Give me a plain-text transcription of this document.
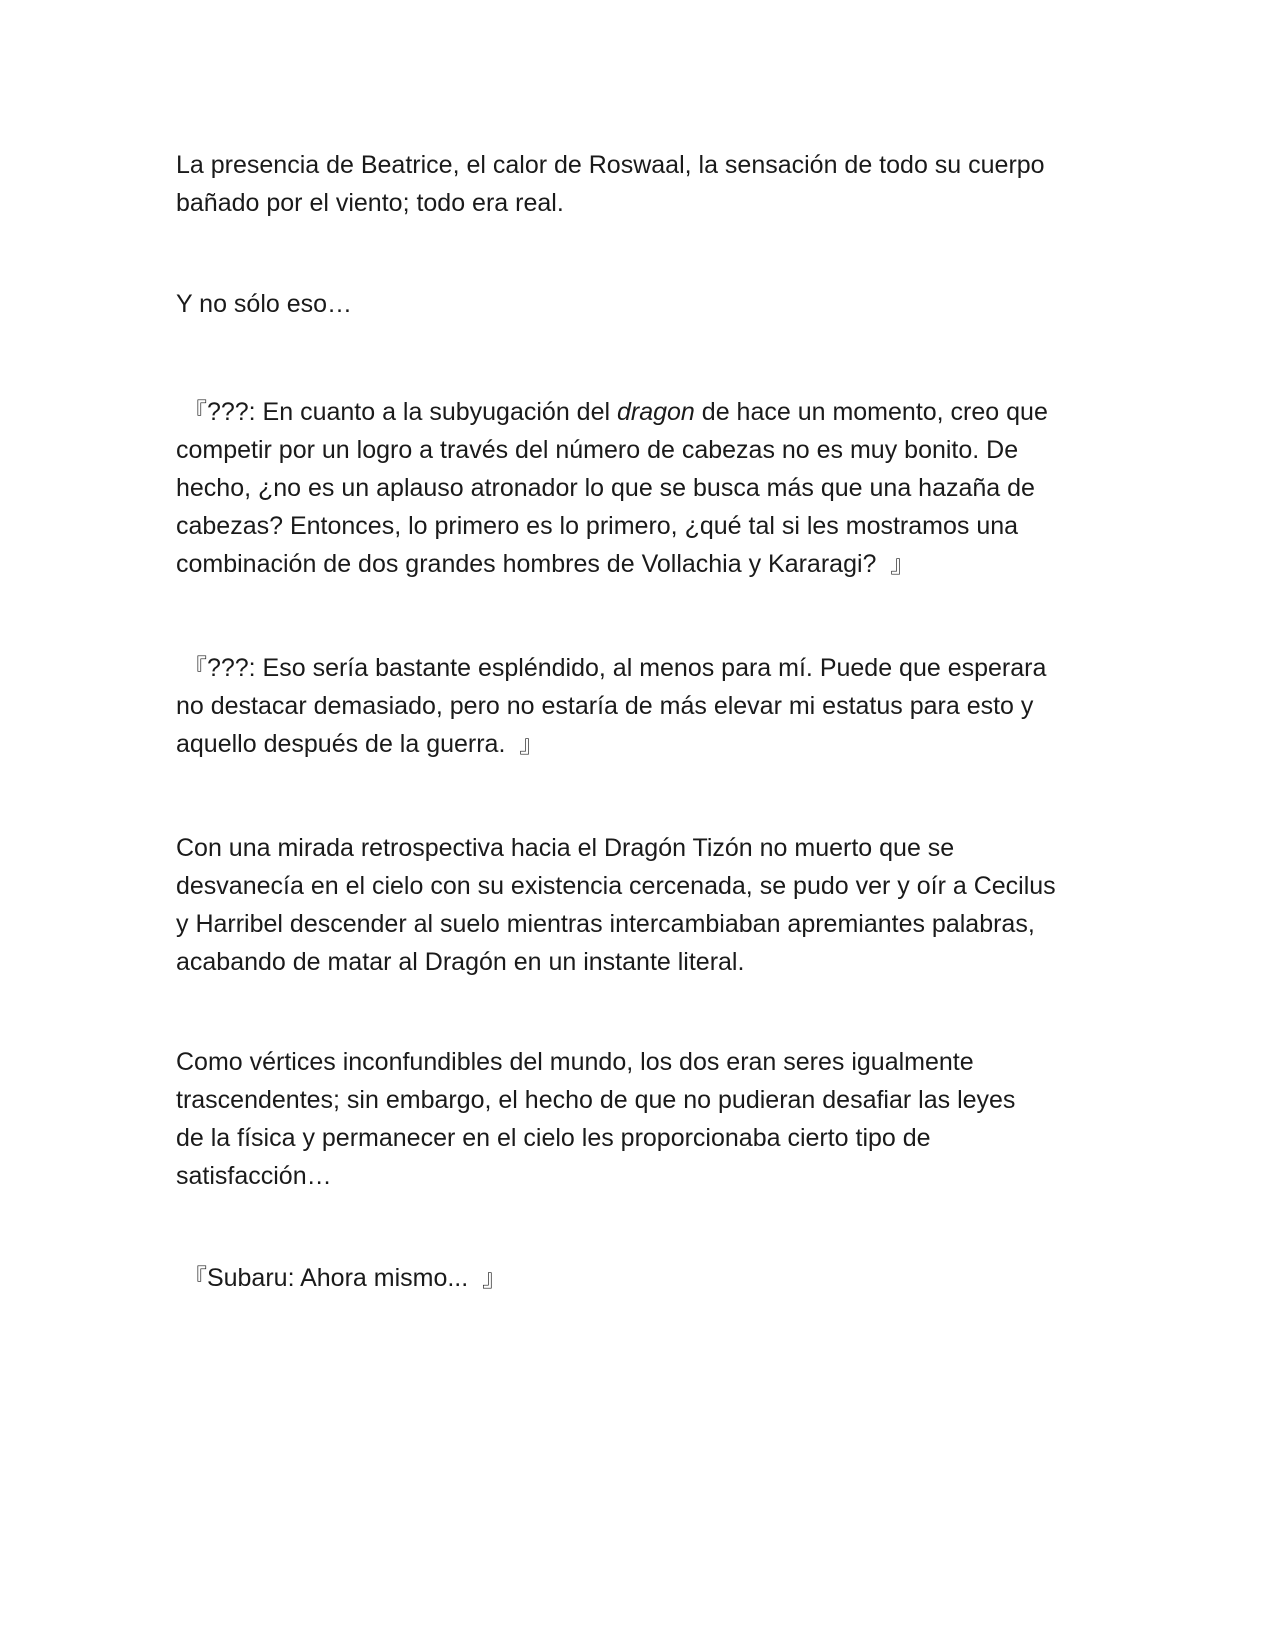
La presencia de Beatrice, el calor de Roswaal, la sensación de todo su cuerpo
bañado por el viento; todo era real.

Y no sólo eso…

『???: En cuanto a la subyugación del dragon de hace un momento, creo que
competir por un logro a través del número de cabezas no es muy bonito. De
hecho, ¿no es un aplauso atronador lo que se busca más que una hazaña de
cabezas? Entonces, lo primero es lo primero, ¿qué tal si les mostramos una
combinación de dos grandes hombres de Vollachia y Kararagi? 』

『???: Eso sería bastante espléndido, al menos para mí. Puede que esperara
no destacar demasiado, pero no estaría de más elevar mi estatus para esto y
aquello después de la guerra. 』

Con una mirada retrospectiva hacia el Dragón Tizón no muerto que se
desvanecía en el cielo con su existencia cercenada, se pudo ver y oír a Cecilus
y Harribel descender al suelo mientras intercambiaban apremiantes palabras,
acabando de matar al Dragón en un instante literal.

Como vértices inconfundibles del mundo, los dos eran seres igualmente
trascendentes; sin embargo, el hecho de que no pudieran desafiar las leyes
de la física y permanecer en el cielo les proporcionaba cierto tipo de
satisfacción…

『Subaru: Ahora mismo... 』
